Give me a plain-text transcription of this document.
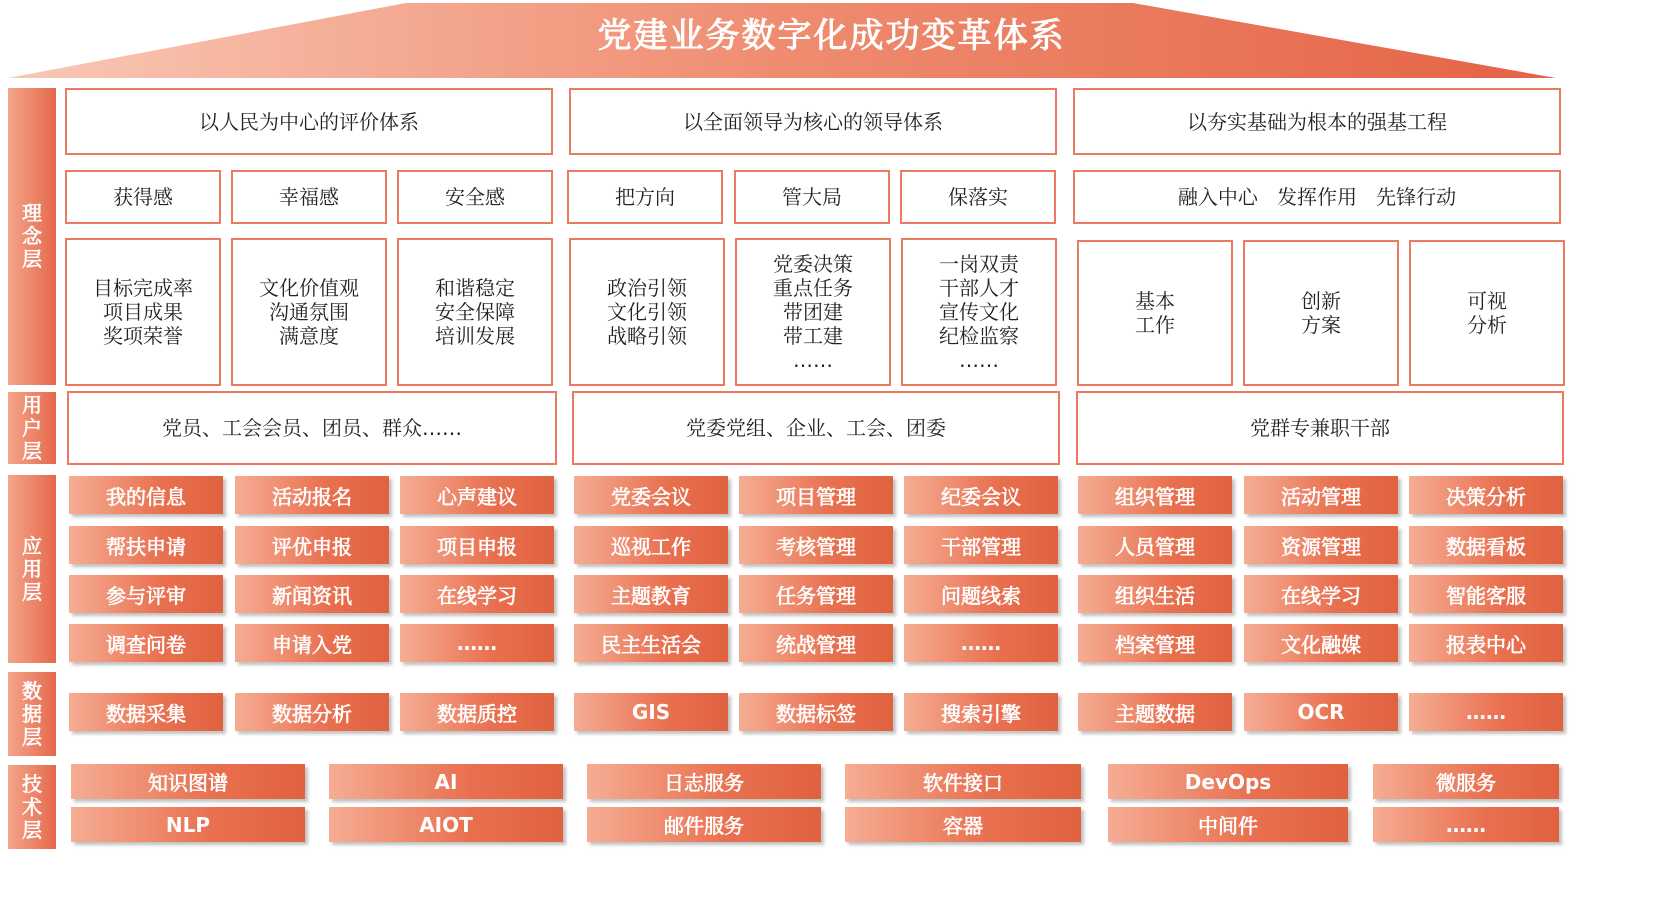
党建业务数字化成功变革体系
理念层
用户层
应用层
数据层
技术层
以人民为中心的评价体系	以全面领导为核心的领导体系	以夯实基础为根本的强基工程
获得感	幸福感	安全感	把方向	管大局	保落实	融入中心   发挥作用   先锋行动
目标完成率
项目成果
奖项荣誉
文化价值观
沟通氛围
满意度
和谐稳定
安全保障
培训发展
政治引领
文化引领
战略引领
党委决策
重点任务
带团建
带工建
……
一岗双责
干部人才
宣传文化
纪检监察
……
基本
工作
创新
方案
可视
分析
党员、工会会员、团员、群众……	党委党组、企业、工会、团委	党群专兼职干部
我的信息	活动报名	心声建议	党委会议	项目管理	纪委会议	组织管理	活动管理	决策分析
帮扶申请	评优申报	项目申报	巡视工作	考核管理	干部管理	人员管理	资源管理	数据看板
参与评审	新闻资讯	在线学习	主题教育	任务管理	问题线索	组织生活	在线学习	智能客服
调查问卷	申请入党	……	民主生活会	统战管理	……	档案管理	文化融媒	报表中心
数据采集	数据分析	数据质控	GIS	数据标签	搜索引擎	主题数据	OCR	……
知识图谱	AI	日志服务	软件接口	DevOps	微服务
NLP	AIOT	邮件服务	容器	中间件	……
